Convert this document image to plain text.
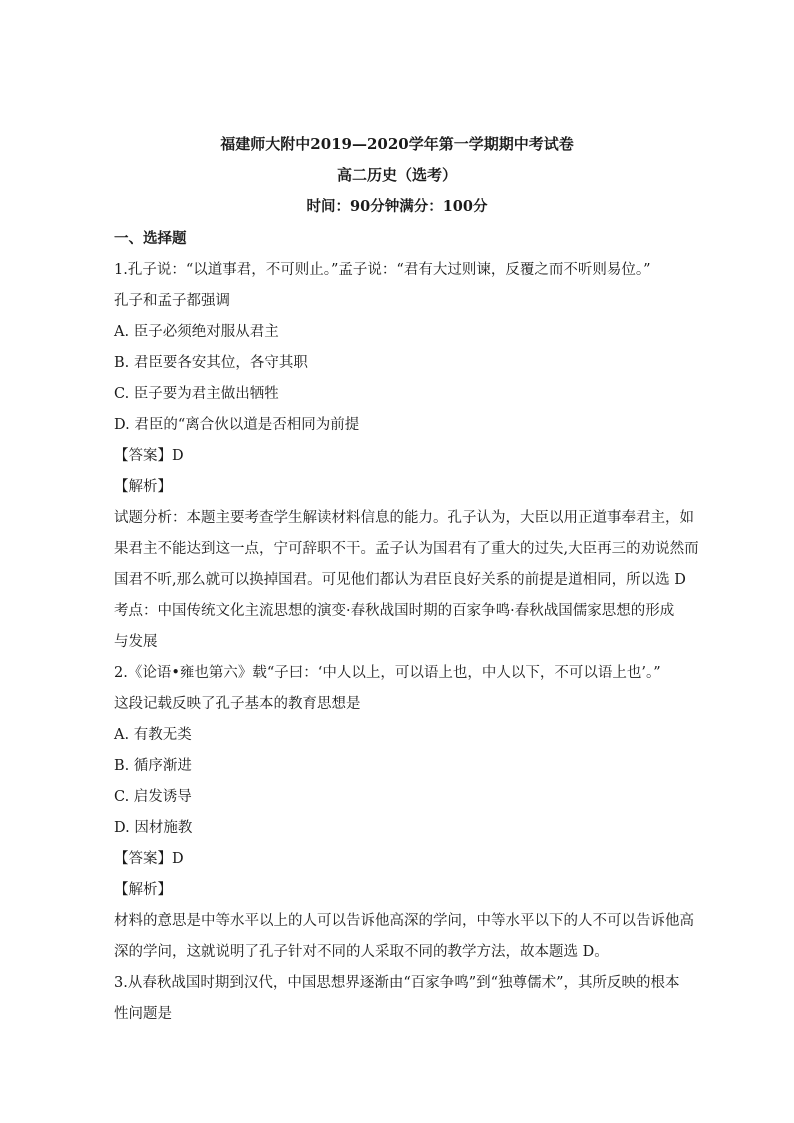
福建师大附中2019—2020学年第一学期期中考试卷
高二历史（选考）
时间：90分钟满分：100分
一、选择题
1.孔子说：“以道事君，不可则止。”孟子说：“君有大过则谏，反覆之而不听则易位。”
孔子和孟子都强调
A. 臣子必须绝对服从君主
B. 君臣要各安其位，各守其职
C. 臣子要为君主做出牺牲
D. 君臣的“离合伙以道是否相同为前提
【答案】D
【解析】
试题分析：本题主要考查学生解读材料信息的能力。孔子认为，大臣以用正道事奉君主，如
果君主不能达到这一点，宁可辞职不干。孟子认为国君有了重大的过失,大臣再三的劝说然而
国君不听,那么就可以换掉国君。可见他们都认为君臣良好关系的前提是道相同，所以选 D
考点：中国传统文化主流思想的演变·春秋战国时期的百家争鸣·春秋战国儒家思想的形成
与发展
2.《论语•雍也第六》载“子曰：‘中人以上，可以语上也，中人以下，不可以语上也’。”
这段记载反映了孔子基本的教育思想是
A. 有教无类
B. 循序渐进
C. 启发诱导
D. 因材施教
【答案】D
【解析】
材料的意思是中等水平以上的人可以告诉他高深的学问，中等水平以下的人不可以告诉他高
深的学问，这就说明了孔子针对不同的人采取不同的教学方法，故本题选 D。
3.从春秋战国时期到汉代，中国思想界逐渐由“百家争鸣”到“独尊儒术”，其所反映的根本
性问题是
